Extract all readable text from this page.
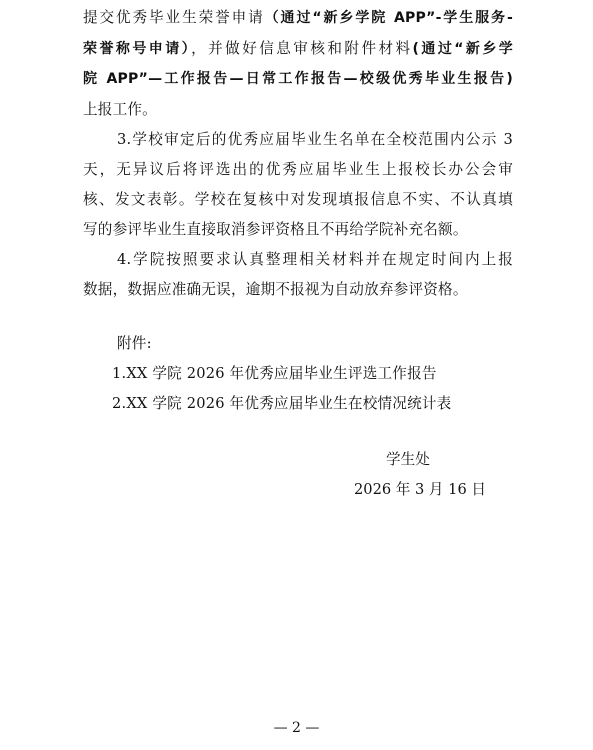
提交优秀毕业生荣誉申请（通过“新乡学院 APP”-学生服务-
荣誉称号申请），并做好信息审核和附件材料(通过“新乡学
院 APP”—工作报告—日常工作报告—校级优秀毕业生报告)
上报工作。
3.学校审定后的优秀应届毕业生名单在全校范围内公示 3
天，无异议后将评选出的优秀应届毕业生上报校长办公会审
核、发文表彰。学校在复核中对发现填报信息不实、不认真填
写的参评毕业生直接取消参评资格且不再给学院补充名额。
4.学院按照要求认真整理相关材料并在规定时间内上报
数据，数据应准确无误，逾期不报视为自动放弃参评资格。
附件:
1.XX 学院 2026 年优秀应届毕业生评选工作报告
2.XX 学院 2026 年优秀应届毕业生在校情况统计表
学生处
2026 年 3 月 16 日
— 2 —
